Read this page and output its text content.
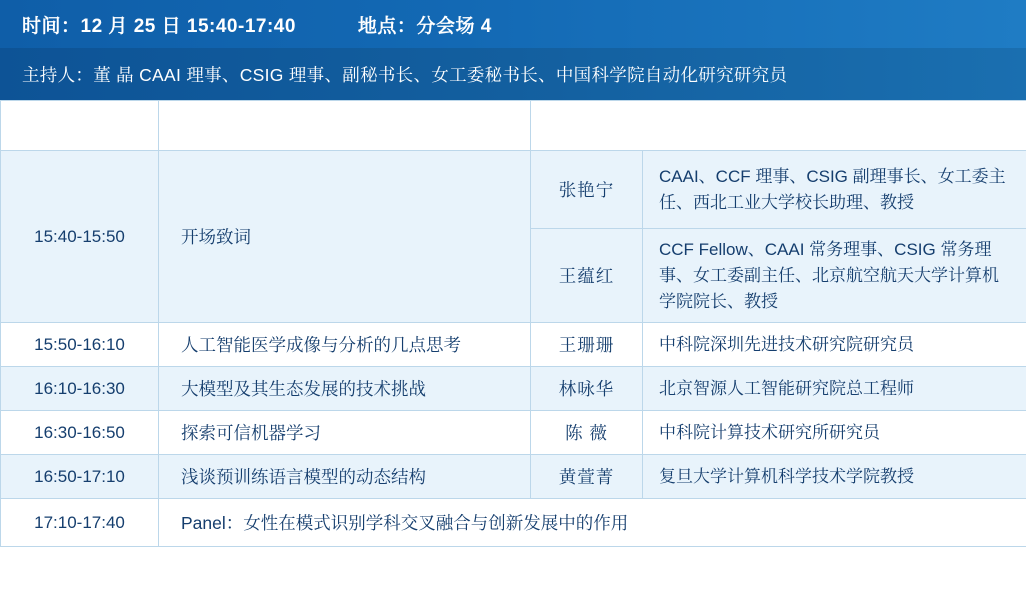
时间：12 月 25 日 15:40-17:40	地点：分会场 4
主持人：董 晶 CAAI 理事、CSIG 理事、副秘书长、女工委秘书长、中国科学院自动化研究研究员
时 间	内 容	报告嘉宾	
15:40-15:50	开场致词	张艳宁	CAAI、CCF 理事、CSIG 副理事长、女工委主任、西北工业大学校长助理、教授
		王蕴红	CCF Fellow、CAAI 常务理事、CSIG 常务理事、女工委副主任、北京航空航天大学计算机学院院长、教授
15:50-16:10	人工智能医学成像与分析的几点思考	王珊珊	中科院深圳先进技术研究院研究员
16:10-16:30	大模型及其生态发展的技术挑战	林咏华	北京智源人工智能研究院总工程师
16:30-16:50	探索可信机器学习	陈 薇	中科院计算技术研究所研究员
16:50-17:10	浅谈预训练语言模型的动态结构	黄萱菁	复旦大学计算机科学技术学院教授
17:10-17:40	Panel：女性在模式识别学科交叉融合与创新发展中的作用		
